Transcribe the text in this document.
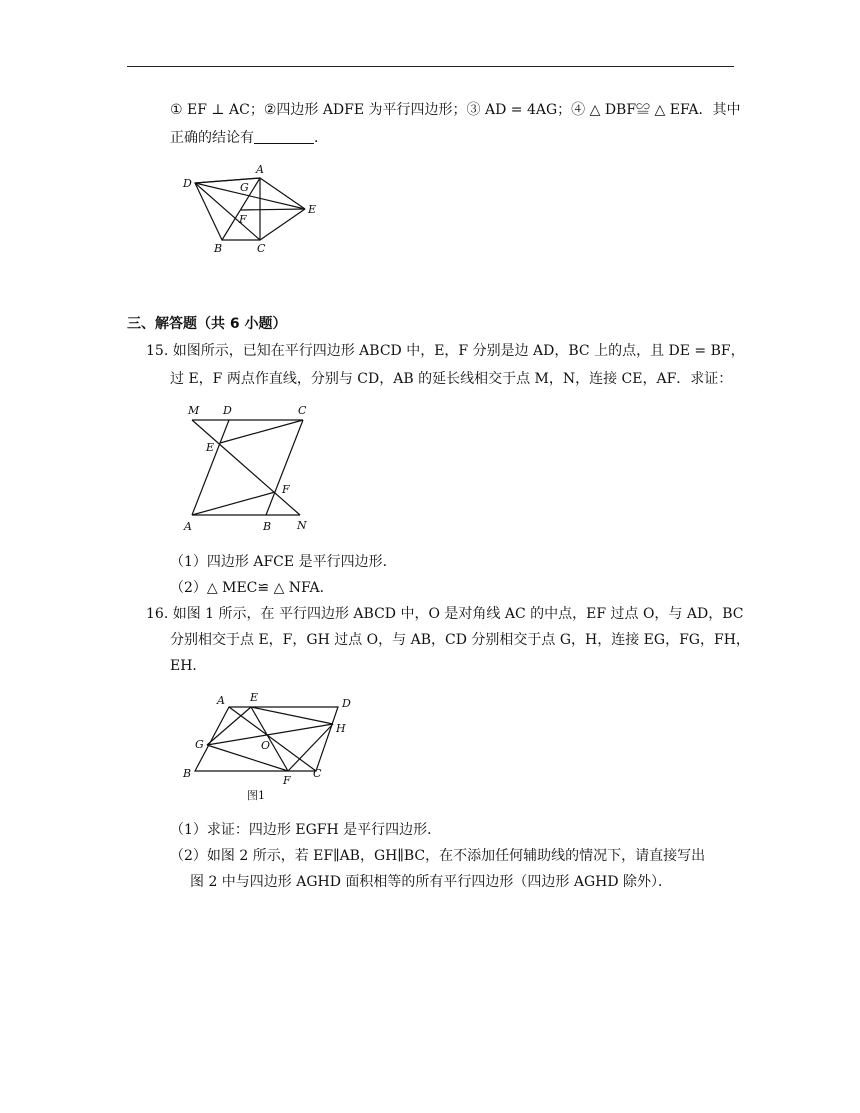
① EF ⊥ AC；②四边形 ADFE 为平行四边形；③ AD = 4AG；④ △ DBF≌ △ EFA．其中
正确的结论有	．
D
A
G
E
F
B	C
三、解答题（共 6 小题）
15. 如图所示，已知在平行四边形 ABCD 中，E，F 分别是边 AD，BC 上的点，且 DE = BF，
过 E，F 两点作直线，分别与 CD，AB 的延长线相交于点 M，N，连接 CE，AF．求证：
M D	C
E
F
A	B N
（1）四边形 AFCE 是平行四边形．
（2）△ MEC≌ △ NFA．
16. 如图 1 所示，在 平行四边形 ABCD 中，O 是对角线 AC 的中点，EF 过点 O，与 AD，BC
分别相交于点 E，F，GH 过点 O，与 AB，CD 分别相交于点 G，H，连接 EG，FG，FH，
EH．
A E	D
H
G	O
B
F
C
图1
（1）求证：四边形 EGFH 是平行四边形．
（2）如图 2 所示，若 EF∥AB，GH∥BC，在不添加任何辅助线的情况下，请直接写出
图 2 中与四边形 AGHD 面积相等的所有平行四边形（四边形 AGHD 除外）．
